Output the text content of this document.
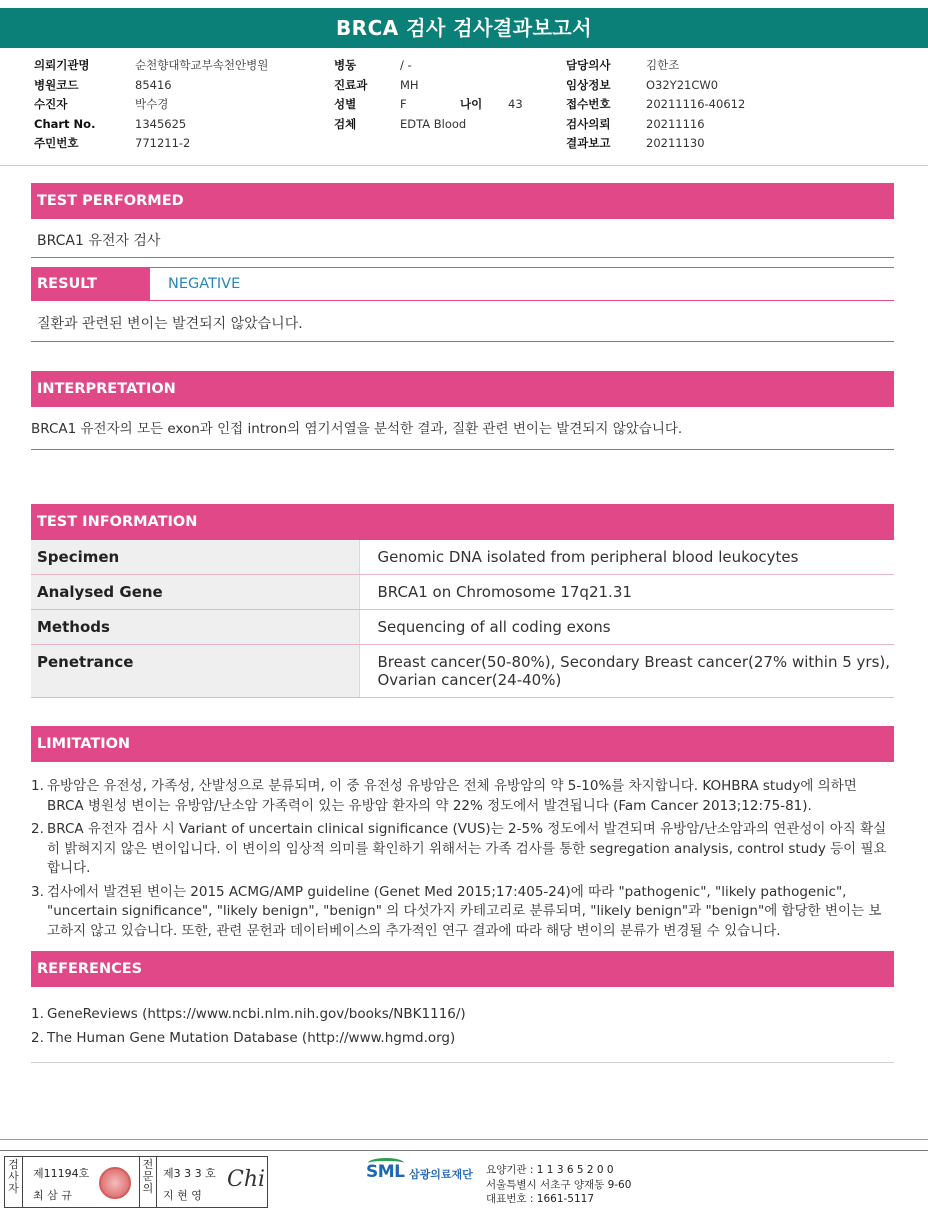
BRCA 검사 검사결과보고서
의뢰기관명	순천향대학교부속천안병원
병원코드	85416
수진자	박수경
Chart No.	1345625
주민번호	771211-2
병동	/ -
진료과	MH
성별	F	나이 43
검체	EDTA Blood
담당의사	김한조
임상정보	O32Y21CW0
접수번호	20211116-40612
검사의뢰	20211116
결과보고	20211130
TEST PERFORMED
BRCA1 유전자 검사
RESULT	NEGATIVE
질환과 관련된 변이는 발견되지 않았습니다.
INTERPRETATION
BRCA1 유전자의 모든 exon과 인접 intron의 염기서열을 분석한 결과, 질환 관련 변이는 발견되지 않았습니다.
TEST INFORMATION
Specimen	Genomic DNA isolated from peripheral blood leukocytes
Analysed Gene	BRCA1 on Chromosome 17q21.31
Methods	Sequencing of all coding exons
Penetrance	Breast cancer(50-80%), Secondary Breast cancer(27% within 5 yrs), Ovarian cancer(24-40%)
LIMITATION
1. 유방암은 유전성, 가족성, 산발성으로 분류되며, 이 중 유전성 유방암은 전체 유방암의 약 5-10%를 차지합니다. KOHBRA study에 의하면 BRCA 병원성 변이는 유방암/난소암 가족력이 있는 유방암 환자의 약 22% 정도에서 발견됩니다 (Fam Cancer 2013;12:75-81).
2. BRCA 유전자 검사 시 Variant of uncertain clinical significance (VUS)는 2-5% 정도에서 발견되며 유방암/난소암과의 연관성이 아직 확실히 밝혀지지 않은 변이입니다. 이 변이의 임상적 의미를 확인하기 위해서는 가족 검사를 통한 segregation analysis, control study 등이 필요합니다.
3. 검사에서 발견된 변이는 2015 ACMG/AMP guideline (Genet Med 2015;17:405-24)에 따라 "pathogenic", "likely pathogenic", "uncertain significance", "likely benign", "benign" 의 다섯가지 카테고리로 분류되며, "likely benign"과 "benign"에 합당한 변이는 보고하지 않고 있습니다. 또한, 관련 문헌과 데이터베이스의 추가적인 연구 결과에 따라 해당 변이의 분류가 변경될 수 있습니다.
REFERENCES
1. GeneReviews (https://www.ncbi.nlm.nih.gov/books/NBK1116/)
2. The Human Gene Mutation Database (http://www.hgmd.org)
검사자
제11194호
최 삼 규
전문의
제3 3 3 호
지 현 영
Chi	SML 삼광의료재단 요양기관 : 1 1 3 6 5 2 0 0
서울특별시 서초구 양재동 9-60
대표번호 : 1661-5117
